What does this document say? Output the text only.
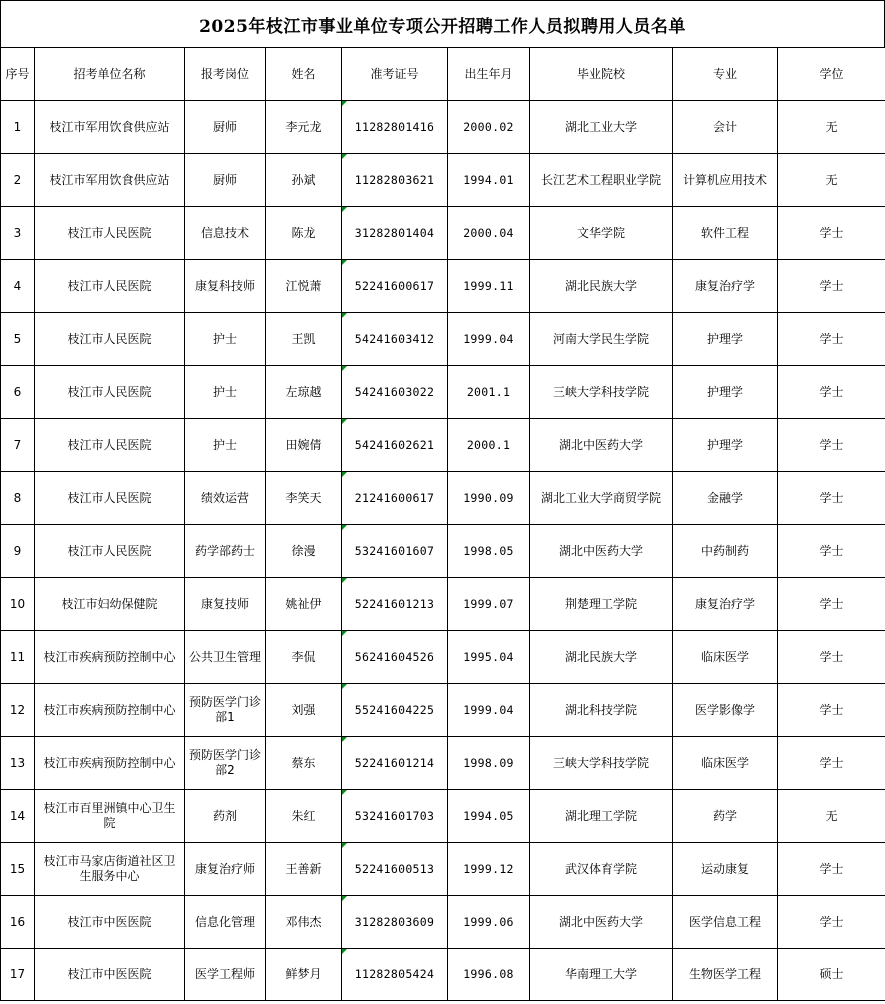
2025年枝江市事业单位专项公开招聘工作人员拟聘用人员名单
序号	招考单位名称	报考岗位	姓名	准考证号	出生年月	毕业院校	专业	学位
1	枝江市军用饮食供应站	厨师	李元龙	11282801416	2000.02	湖北工业大学	会计	无
2	枝江市军用饮食供应站	厨师	孙斌	11282803621	1994.01	长江艺术工程职业学院	计算机应用技术	无
3	枝江市人民医院	信息技术	陈龙	31282801404	2000.04	文华学院	软件工程	学士
4	枝江市人民医院	康复科技师	江悦萧	52241600617	1999.11	湖北民族大学	康复治疗学	学士
5	枝江市人民医院	护士	王凯	54241603412	1999.04	河南大学民生学院	护理学	学士
6	枝江市人民医院	护士	左琼越	54241603022	2001.1	三峡大学科技学院	护理学	学士
7	枝江市人民医院	护士	田婉倩	54241602621	2000.1	湖北中医药大学	护理学	学士
8	枝江市人民医院	绩效运营	李笑天	21241600617	1990.09	湖北工业大学商贸学院	金融学	学士
9	枝江市人民医院	药学部药士	徐漫	53241601607	1998.05	湖北中医药大学	中药制药	学士
10	枝江市妇幼保健院	康复技师	姚祉伊	52241601213	1999.07	荆楚理工学院	康复治疗学	学士
11	枝江市疾病预防控制中心	公共卫生管理	李侃	56241604526	1995.04	湖北民族大学	临床医学	学士
12	枝江市疾病预防控制中心	预防医学门诊部1	刘强	55241604225	1999.04	湖北科技学院	医学影像学	学士
13	枝江市疾病预防控制中心	预防医学门诊部2	蔡东	52241601214	1998.09	三峡大学科技学院	临床医学	学士
14	枝江市百里洲镇中心卫生院	药剂	朱红	53241601703	1994.05	湖北理工学院	药学	无
15	枝江市马家店街道社区卫生服务中心	康复治疗师	王善新	52241600513	1999.12	武汉体育学院	运动康复	学士
16	枝江市中医医院	信息化管理	邓伟杰	31282803609	1999.06	湖北中医药大学	医学信息工程	学士
17	枝江市中医医院	医学工程师	鲜梦月	11282805424	1996.08	华南理工大学	生物医学工程	硕士
